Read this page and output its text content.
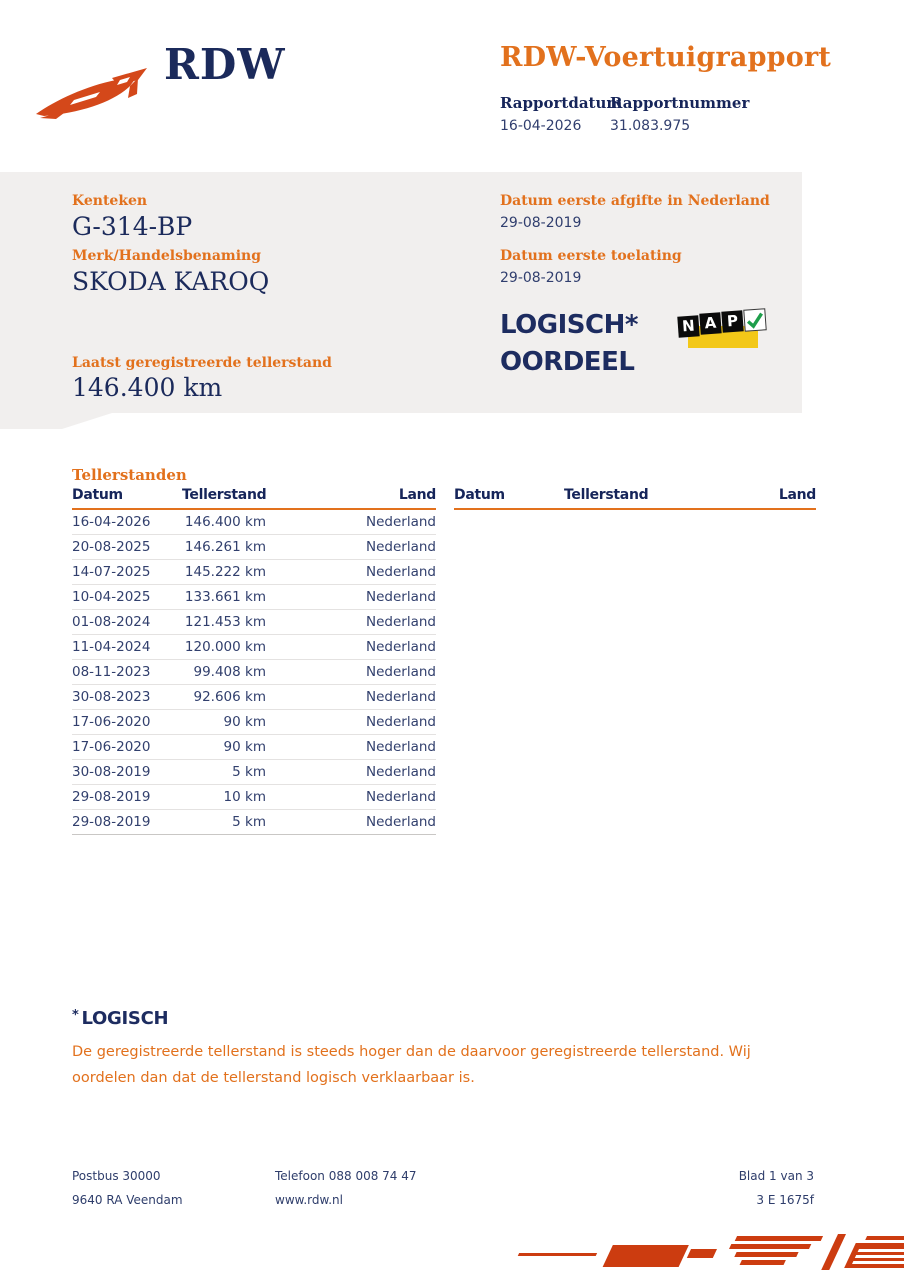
RDW	RDW-Voertuigrapport
Rapportdatum
16-04-2026
Rapportnummer
31.083.975
Kenteken
G-314-BP
Merk/Handelsbenaming
SKODA KAROQ
Laatst geregistreerde tellerstand
146.400 km
Datum eerste afgifte in Nederland
29-08-2019
Datum eerste toelating
29-08-2019
LOGISCH*
OORDEEL
N A P
Tellerstanden
Datum	Tellerstand	Land
16-04-2026	146.400 km	Nederland
20-08-2025	146.261 km	Nederland
14-07-2025	145.222 km	Nederland
10-04-2025	133.661 km	Nederland
01-08-2024	121.453 km	Nederland
11-04-2024	120.000 km	Nederland
08-11-2023	99.408 km	Nederland
30-08-2023	92.606 km	Nederland
17-06-2020	90 km	Nederland
17-06-2020	90 km	Nederland
30-08-2019	5 km	Nederland
29-08-2019	10 km	Nederland
29-08-2019	5 km	Nederland
Datum	Tellerstand	Land
* LOGISCH
De geregistreerde tellerstand is steeds hoger dan de daarvoor geregistreerde tellerstand. Wij oordelen dan dat de tellerstand logisch verklaarbaar is.
Postbus 30000
9640 RA Veendam
Telefoon 088 008 74 47
www.rdw.nl
Blad 1 van 3
3 E 1675f
